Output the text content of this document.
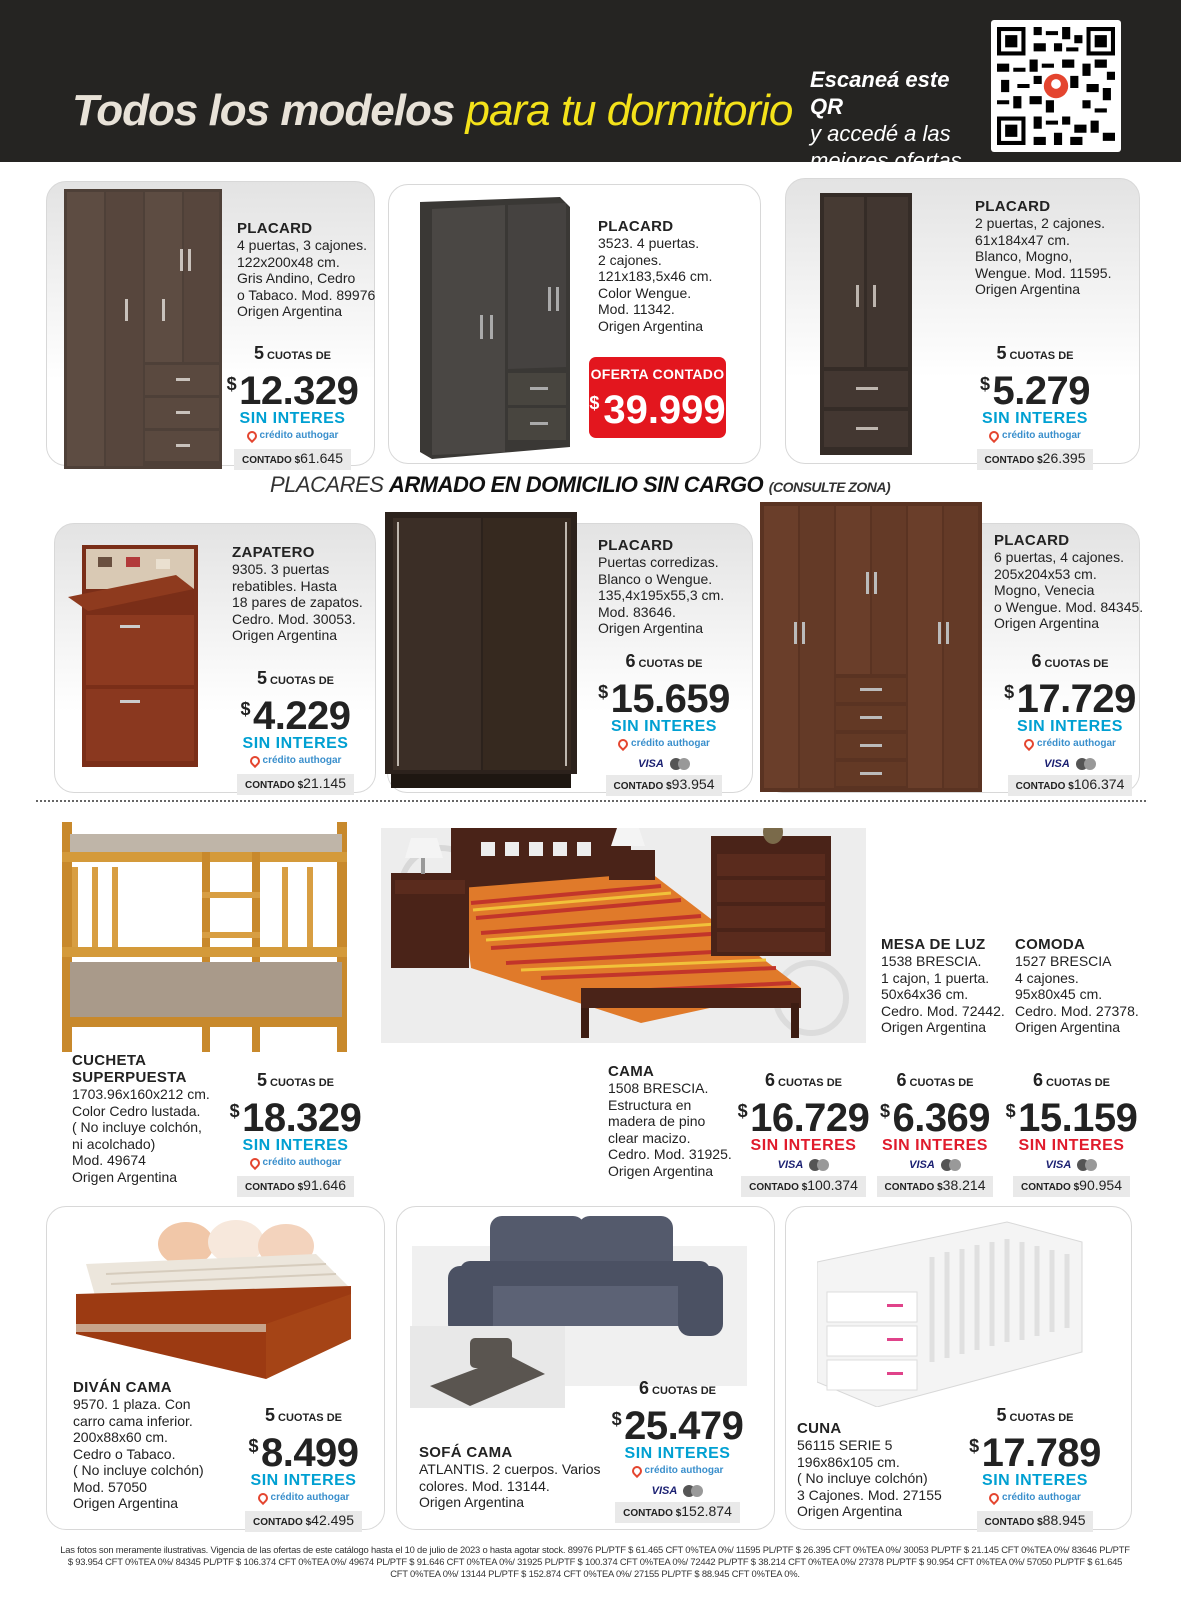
Todos los modelos para tu dormitorio
Escaneá este QR
y accedé a las
mejores ofertas
PLACARD
4 puertas, 3 cajones.
122x200x48 cm.
Gris Andino, Cedro
o Tabaco. Mod. 89976
Origen Argentina
5 CUOTAS DE
$12.329
SIN INTERES
crédito authogar
CONTADO $61.645
PLACARD
3523. 4 puertas.
2 cajones.
121x183,5x46 cm.
Color Wengue.
Mod. 11342.
Origen Argentina
OFERTA CONTADO
$ 39.999
PLACARD
2 puertas, 2 cajones.
61x184x47 cm.
Blanco, Mogno,
Wengue. Mod. 11595.
Origen Argentina
5 CUOTAS DE
$5.279
SIN INTERES
crédito authogar
CONTADO $26.395
PLACARES ARMADO EN DOMICILIO SIN CARGO (CONSULTE ZONA)
ZAPATERO
9305. 3 puertas
rebatibles. Hasta
18 pares de zapatos.
Cedro. Mod. 30053.
Origen Argentina
5 CUOTAS DE
$4.229
SIN INTERES
crédito authogar
CONTADO $21.145
PLACARD
Puertas corredizas.
Blanco o Wengue.
135,4x195x55,3 cm.
Mod. 83646.
Origen Argentina
6 CUOTAS DE
$15.659
SIN INTERES
crédito authogar

VISA
CONTADO $93.954
PLACARD
6 puertas, 4 cajones.
205x204x53 cm.
Mogno, Venecia
o Wengue. Mod. 84345.
Origen Argentina
6 CUOTAS DE
$17.729
SIN INTERES
crédito authogar

VISA
CONTADO $106.374
CUCHETA
SUPERPUESTA
1703.96x160x212 cm.
Color Cedro lustada.
( No incluye colchón,
ni acolchado)
Mod. 49674
Origen Argentina
5 CUOTAS DE
$18.329
SIN INTERES
crédito authogar
CONTADO $91.646
CAMA
1508 BRESCIA.
Estructura en
madera de pino
clear macizo.
Cedro. Mod. 31925.
Origen Argentina
6 CUOTAS DE
$16.729
SIN INTERES
VISA
CONTADO $100.374
MESA DE LUZ
1538 BRESCIA.
1 cajon, 1 puerta.
50x64x36 cm.
Cedro. Mod. 72442.
Origen Argentina
6 CUOTAS DE
$6.369
SIN INTERES
VISA
CONTADO $38.214
COMODA
1527 BRESCIA
4 cajones.
95x80x45 cm.
Cedro. Mod. 27378.
Origen Argentina
6 CUOTAS DE
$15.159
SIN INTERES
VISA
CONTADO $90.954
DIVÁN CAMA
9570. 1 plaza. Con
carro cama inferior.
200x88x60 cm.
Cedro o Tabaco.
( No incluye colchón)
Mod. 57050
Origen Argentina
5 CUOTAS DE
$8.499
SIN INTERES
crédito authogar
CONTADO $42.495
SOFÁ CAMA
ATLANTIS. 2 cuerpos. Varios
colores. Mod. 13144.
Origen Argentina
6 CUOTAS DE
$25.479
SIN INTERES
crédito authogar

VISA
CONTADO $152.874
CUNA
56115 SERIE 5
196x86x105 cm.
( No incluye colchón)
3 Cajones. Mod. 27155
Origen Argentina
5 CUOTAS DE
$17.789
SIN INTERES
crédito authogar
CONTADO $88.945
Las fotos son meramente ilustrativas. Vigencia de las ofertas de este catálogo hasta el 10 de julio de 2023 o hasta agotar stock. 89976 PL/PTF $ 61.465 CFT 0%TEA 0%/ 11595 PL/PTF $ 26.395 CFT 0%TEA 0%/ 30053 PL/PTF $ 21.145 CFT 0%TEA 0%/ 83646 PL/PTF $ 93.954 CFT 0%TEA 0%/ 84345 PL/PTF $ 106.374 CFT 0%TEA 0%/ 49674 PL/PTF $ 91.646 CFT 0%TEA 0%/ 31925 PL/PTF $ 100.374 CFT 0%TEA 0%/ 72442 PL/PTF $ 38.214 CFT 0%TEA 0%/ 27378 PL/PTF $ 90.954 CFT 0%TEA 0%/ 57050 PL/PTF $ 61.645 CFT 0%TEA 0%/ 13144 PL/PTF $ 152.874 CFT 0%TEA 0%/ 27155 PL/PTF $ 88.945 CFT 0%TEA 0%.
